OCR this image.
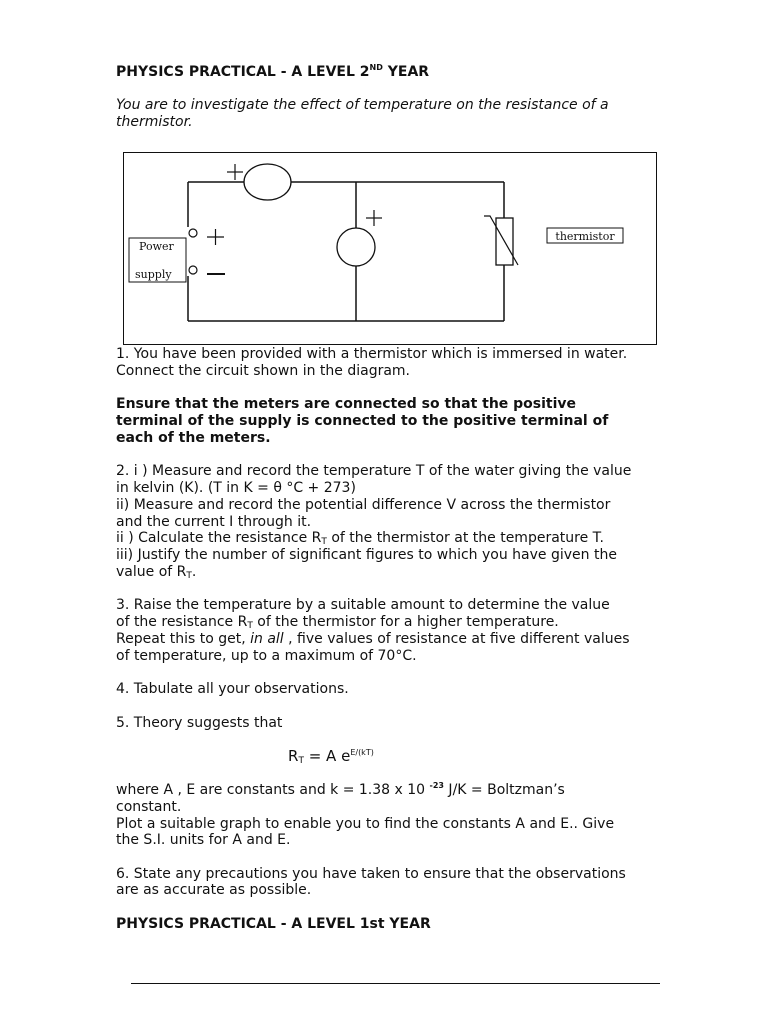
PHYSICS PRACTICAL - A LEVEL 2ND YEAR
You are to investigate the effect of temperature on the resistance of a
thermistor.
1. You have been provided with a thermistor which is immersed in water.
Connect the circuit shown in the diagram.
Ensure that the meters are connected so that the positive
terminal of the supply is connected to the positive terminal of
each of the meters.
2. i ) Measure and record the temperature T of the water giving the value
in kelvin (K). (T in K = θ °C + 273)
ii) Measure and record the potential difference V across the thermistor
and the current I through it.
ii ) Calculate the resistance $R_T$ of the thermistor at the temperature T.
iii) Justify the number of significant figures to which you have given the
value of $R_T$.
3. Raise the temperature by a suitable amount to determine the value
of the resistance $R_T$ of the thermistor for a higher temperature.
Repeat this to get, in all , five values of resistance at five different values
of temperature, up to a maximum of 70°C.
4. Tabulate all your observations.
5. Theory suggests that
$R_T = A$ $e^{E/(kT)}$
where A , E are constants and k = 1.38 x 10 $^{-23}$ J/K = Boltzman’s
constant.
Plot a suitable graph to enable you to find the constants A and E.. Give
the S.I. units for A and E.
6. State any precautions you have taken to ensure that the observations
are as accurate as possible.
PHYSICS PRACTICAL - A LEVEL 1st YEAR
thermistor
Power
supply
